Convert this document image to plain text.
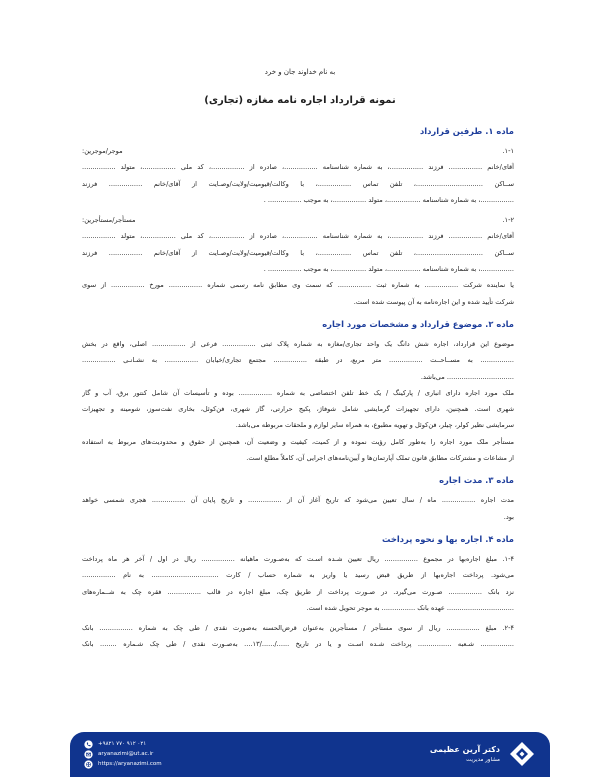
به نام خداوند جان و خرد
نمونه قرارداد اجاره نامه مغازه (تجاری)
ماده ۱. طرفین قرارداد
۱-۱. موجر/موجرین:
آقای/خانم ................ فرزند ................، به شماره شناسنامه ................، صادره از ................، کد ملی ................، متولد ................
ســاکن ................................، تلفن تماس ................، با وکالت/قیومیت/ولایت/وصـایت از آقای/خانم ................ فرزند
................، به شماره شناسنامه ................، متولد ................، به موجب ................ .
۱-۲. مستأجر/مستأجرین:
آقای/خانم ................ فرزند ................، به شماره شناسنامه ................، صادره از ................، کد ملی ................، متولد ................
ســاکن ................................، تلفن تماس ................، با وکالت/قیومیت/ولایت/وصـایت از آقای/خانم ................ فرزند
................، به شماره شناسنامه ................، متولد ................، به موجب ................ .
یا نماینده شرکت ................ به شماره ثبت ................ که سمت وی مطابق نامه رسمی شماره ................ مورخ ................ از سوی
شرکت تأیید شده و این اجاره‌نامه به آن پیوست شده است.
ماده ۲. موضوع قرارداد و مشخصات مورد اجاره
موضوع این قرارداد، اجاره شش دانگ یک واحد تجاری/مغازه به شماره پلاک ثبتی ................ فرعی از ................ اصلی، واقع در بخش
................ به مســاحــت ................ متر مربع، در طبقه ................ مجتمع تجاری/خیابان ................ به نشـانـی ................
................................ می‌باشد.
ملک مورد اجاره دارای انباری / پارکینگ / یک خط تلفن اختصاصی به شماره ................ بوده و تأسیسات آن شامل کنتور برق، آب و گاز
شهری است. همچنین، دارای تجهیزات گرمایشی شامل شوفاژ، پکیج حرارتی، گاز شهری، فن‌کوئل، بخاری نفت‌سوز، شومینه و تجهیزات
سرمایشی نظیر کولر، چیلر، فن‌کوئل و تهویه مطبوع، به همراه سایر لوازم و ملحقات مربوطه می‌باشد.
مستأجر ملک مورد اجاره را به‌طور کامل رؤیت نموده و از کمیت، کیفیت و وضعیت آن، همچنین از حقوق و محدودیت‌های مربوط به استفاده
از مشاعات و مشترکات مطابق قانون تملک آپارتمان‌ها و آیین‌نامه‌های اجرایی آن، کاملاً مطلع است.
ماده ۳. مدت اجاره
مدت اجاره ................ ماه / سال تعیین می‌شود که تاریخ آغاز آن از ................ و تاریخ پایان آن ................ هجری شمسی خواهد
بود.
ماده ۴. اجاره بها و نحوه پرداخت
۱-۴. مبلغ اجاره‌بها در مجموع ................ ریال تعیین شـده اسـت که به‌صـورت ماهیانه ................ ریال در اول / آخر هر ماه پرداخت
می‌شود. پرداخت اجاره‌بها از طریق قبض رسید یا واریز به شماره حساب / کارت ................................ به نام ................
نزد بانک ................ صـورت می‌گیرد. در صـورت پرداخت از طریق چک، مبلغ اجاره در قالب ................ فقره چک به شــماره‌های
................................ عهده بانک ................ به موجر تحویل شده است.
۲-۴. مبلغ ................ ریال از سوی مستأجر / مستأجرین به‌عنوان قرض‌الحسنه به‌صورت نقدی / طی چک به شماره ................ بانک
................ شـعبه ................ پرداخت شـده اسـت و یا در تاریخ ....../....../۱۳.... به‌صـورت نقدی / طی چک شـماره ........ بانک
+۹۸۲۱ ۷۷۰ ۹۱۲ ۰۲۱
aryanazimi@ut.ac.ir
https://aryanazimi.com
دکتر آرین عظیمی
مشاور مدیریت
